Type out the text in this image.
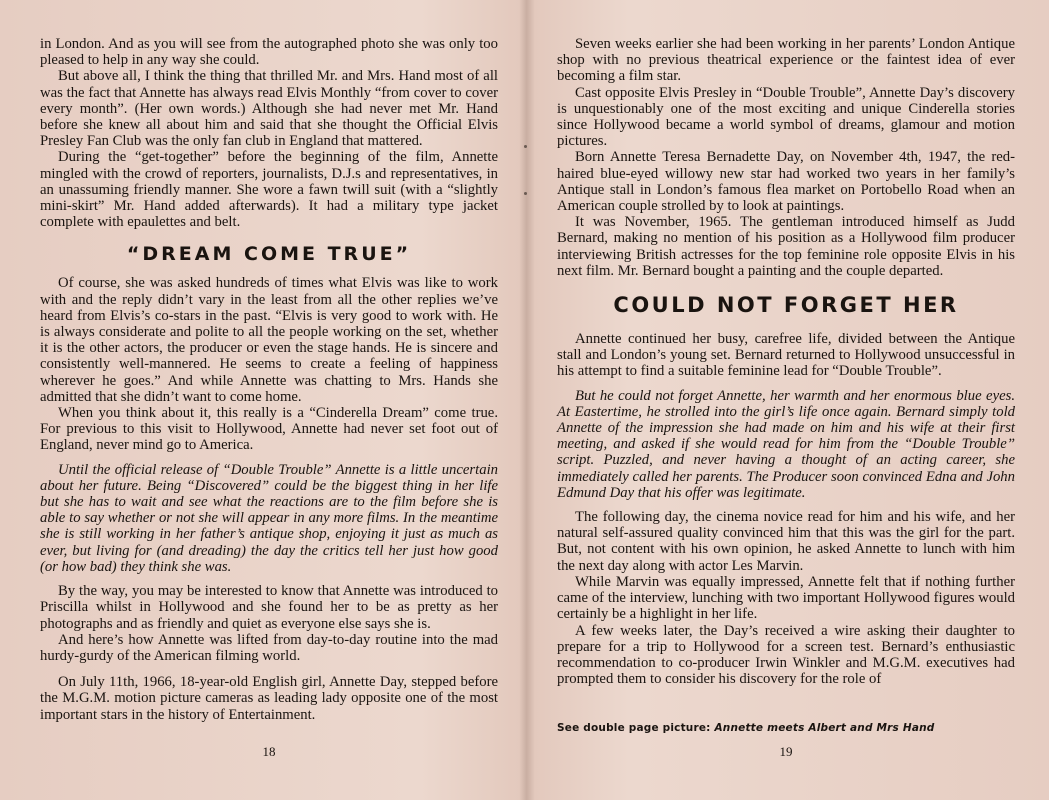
in London. And as you will see from the autographed photo she was only too pleased to help in any way she could.

But above all, I think the thing that thrilled Mr. and Mrs. Hand most of all was the fact that Annette has always read Elvis Monthly “from cover to cover every month”. (Her own words.) Although she had never met Mr. Hand before she knew all about him and said that she thought the Official Elvis Presley Fan Club was the only fan club in England that mattered.

During the “get-together” before the beginning of the film, Annette mingled with the crowd of reporters, journalists, D.J.s and representatives, in an unassuming friendly manner. She wore a fawn twill suit (with a “slightly mini-skirt” Mr. Hand added afterwards). It had a military type jacket complete with epaulettes and belt.

“DREAM COME TRUE”

Of course, she was asked hundreds of times what Elvis was like to work with and the reply didn’t vary in the least from all the other replies we’ve heard from Elvis’s co-stars in the past. “Elvis is very good to work with. He is always considerate and polite to all the people working on the set, whether it is the other actors, the producer or even the stage hands. He is sincere and consistently well-mannered. He seems to create a feeling of happiness wherever he goes.” And while Annette was chatting to Mrs. Hands she admitted that she didn’t want to come home.

When you think about it, this really is a “Cinderella Dream” come true. For previous to this visit to Hollywood, Annette had never set foot out of England, never mind go to America.

Until the official release of “Double Trouble” Annette is a little uncertain about her future. Being “Discovered” could be the biggest thing in her life but she has to wait and see what the reactions are to the film before she is able to say whether or not she will appear in any more films. In the meantime she is still working in her father’s antique shop, enjoying it just as much as ever, but living for (and dreading) the day the critics tell her just how good (or how bad) they think she was.

By the way, you may be interested to know that Annette was introduced to Priscilla whilst in Hollywood and she found her to be as pretty as her photographs and as friendly and quiet as everyone else says she is.

And here’s how Annette was lifted from day-to-day routine into the mad hurdy-gurdy of the American filming world.

On July 11th, 1966, 18-year-old English girl, Annette Day, stepped before the M.G.M. motion picture cameras as leading lady opposite one of the most important stars in the history of Entertainment.

18

Seven weeks earlier she had been working in her parents’ London Antique shop with no previous theatrical experience or the faintest idea of ever becoming a film star.

Cast opposite Elvis Presley in “Double Trouble”, Annette Day’s discovery is unquestionably one of the most exciting and unique Cinderella stories since Hollywood became a world symbol of dreams, glamour and motion pictures.

Born Annette Teresa Bernadette Day, on November 4th, 1947, the red-haired blue-eyed willowy new star had worked two years in her family’s Antique stall in London’s famous flea market on Portobello Road when an American couple strolled by to look at paintings.

It was November, 1965. The gentleman introduced himself as Judd Bernard, making no mention of his position as a Hollywood film producer interviewing British actresses for the top feminine role opposite Elvis in his next film. Mr. Bernard bought a painting and the couple departed.

COULD NOT FORGET HER

Annette continued her busy, carefree life, divided between the Antique stall and London’s young set. Bernard returned to Hollywood unsuccessful in his attempt to find a suitable feminine lead for “Double Trouble”.

But he could not forget Annette, her warmth and her enormous blue eyes. At Eastertime, he strolled into the girl’s life once again. Bernard simply told Annette of the impression she had made on him and his wife at their first meeting, and asked if she would read for him from the “Double Trouble” script. Puzzled, and never having a thought of an acting career, she immediately called her parents. The Producer soon convinced Edna and John Edmund Day that his offer was legitimate.

The following day, the cinema novice read for him and his wife, and her natural self-assured quality convinced him that this was the girl for the part. But, not content with his own opinion, he asked Annette to lunch with him the next day along with actor Les Marvin.

While Marvin was equally impressed, Annette felt that if nothing further came of the interview, lunching with two important Hollywood figures would certainly be a highlight in her life.

A few weeks later, the Day’s received a wire asking their daughter to prepare for a trip to Hollywood for a screen test. Bernard’s enthusiastic recommendation to co-producer Irwin Winkler and M.G.M. executives had prompted them to consider his discovery for the role of

See double page picture: Annette meets Albert and Mrs Hand
19
